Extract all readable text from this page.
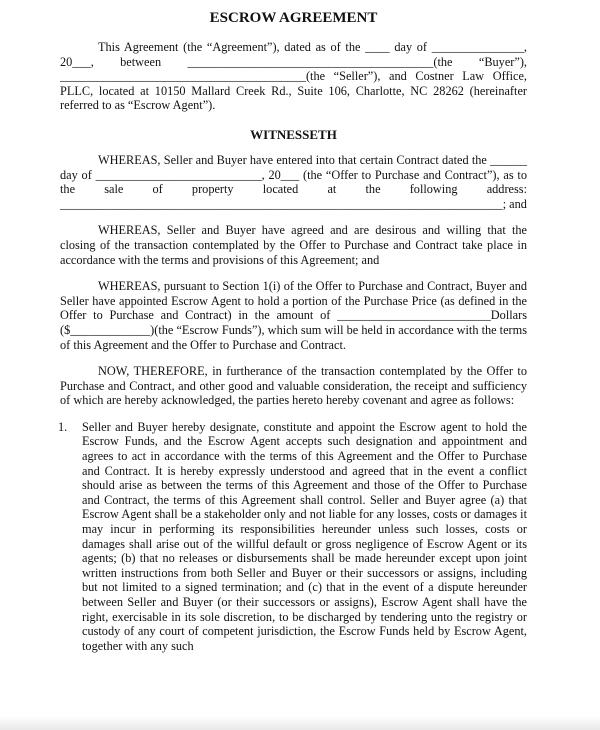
ESCROW AGREEMENT

This Agreement (the “Agreement”), dated as of the ____ day of _______________, 20___, between ________________________________________(the “Buyer”), ________________________________________(the “Seller”), and Costner Law Office, PLLC, located at 10150 Mallard Creek Rd., Suite 106, Charlotte, NC 28262 (hereinafter referred to as “Escrow Agent”).

WITNESSETH

WHEREAS, Seller and Buyer have entered into that certain Contract dated the ______ day of ___________________________, 20___ (the “Offer to Purchase and Contract”), as to the sale of property located at the following address: ________________________________________________________________________; and

WHEREAS, Seller and Buyer have agreed and are desirous and willing that the closing of the transaction contemplated by the Offer to Purchase and Contract take place in accordance with the terms and provisions of this Agreement; and

WHEREAS, pursuant to Section 1(i) of the Offer to Purchase and Contract, Buyer and Seller have appointed Escrow Agent to hold a portion of the Purchase Price (as defined in the Offer to Purchase and Contract) in the amount of _________________________Dollars ($_____________)(the “Escrow Funds”), which sum will be held in accordance with the terms of this Agreement and the Offer to Purchase and Contract.

NOW, THEREFORE, in furtherance of the transaction contemplated by the Offer to Purchase and Contract, and other good and valuable consideration, the receipt and sufficiency of which are hereby acknowledged, the parties hereto hereby covenant and agree as follows:

1.	Seller and Buyer hereby designate, constitute and appoint the Escrow agent to hold the Escrow Funds, and the Escrow Agent accepts such designation and appointment and agrees to act in accordance with the terms of this Agreement and the Offer to Purchase and Contract. It is hereby expressly understood and agreed that in the event a conflict should arise as between the terms of this Agreement and those of the Offer to Purchase and Contract, the terms of this Agreement shall control. Seller and Buyer agree (a) that Escrow Agent shall be a stakeholder only and not liable for any losses, costs or damages it may incur in performing its responsibilities hereunder unless such losses, costs or damages shall arise out of the willful default or gross negligence of Escrow Agent or its agents; (b) that no releases or disbursements shall be made hereunder except upon joint written instructions from both Seller and Buyer or their successors or assigns, including but not limited to a signed termination; and (c) that in the event of a dispute hereunder between Seller and Buyer (or their successors or assigns), Escrow Agent shall have the right, exercisable in its sole discretion, to be discharged by tendering unto the registry or custody of any court of competent jurisdiction, the Escrow Funds held by Escrow Agent, together with any such
